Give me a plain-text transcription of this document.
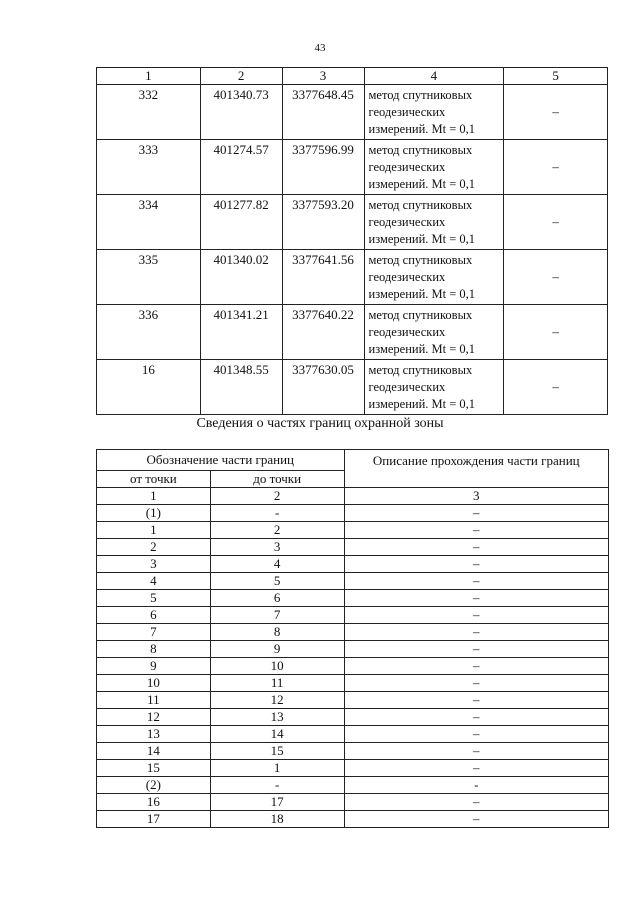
43
1	2	3	4	5
332	401340.73	3377648.45	метод спутниковых
геодезических
измерений. Mt = 0,1	–
333	401274.57	3377596.99	метод спутниковых
геодезических
измерений. Mt = 0,1	–
334	401277.82	3377593.20	метод спутниковых
геодезических
измерений. Mt = 0,1	–
335	401340.02	3377641.56	метод спутниковых
геодезических
измерений. Mt = 0,1	–
336	401341.21	3377640.22	метод спутниковых
геодезических
измерений. Mt = 0,1	–
16	401348.55	3377630.05	метод спутниковых
геодезических
измерений. Mt = 0,1	–
Сведения о частях границ охранной зоны
Обозначение части границ		Описание прохождения части границ
от точки	до точки	
1	2	3
(1)	-	–
1	2	–
2	3	–
3	4	–
4	5	–
5	6	–
6	7	–
7	8	–
8	9	–
9	10	–
10	11	–
11	12	–
12	13	–
13	14	–
14	15	–
15	1	–
(2)	-	-
16	17	–
17	18	–
